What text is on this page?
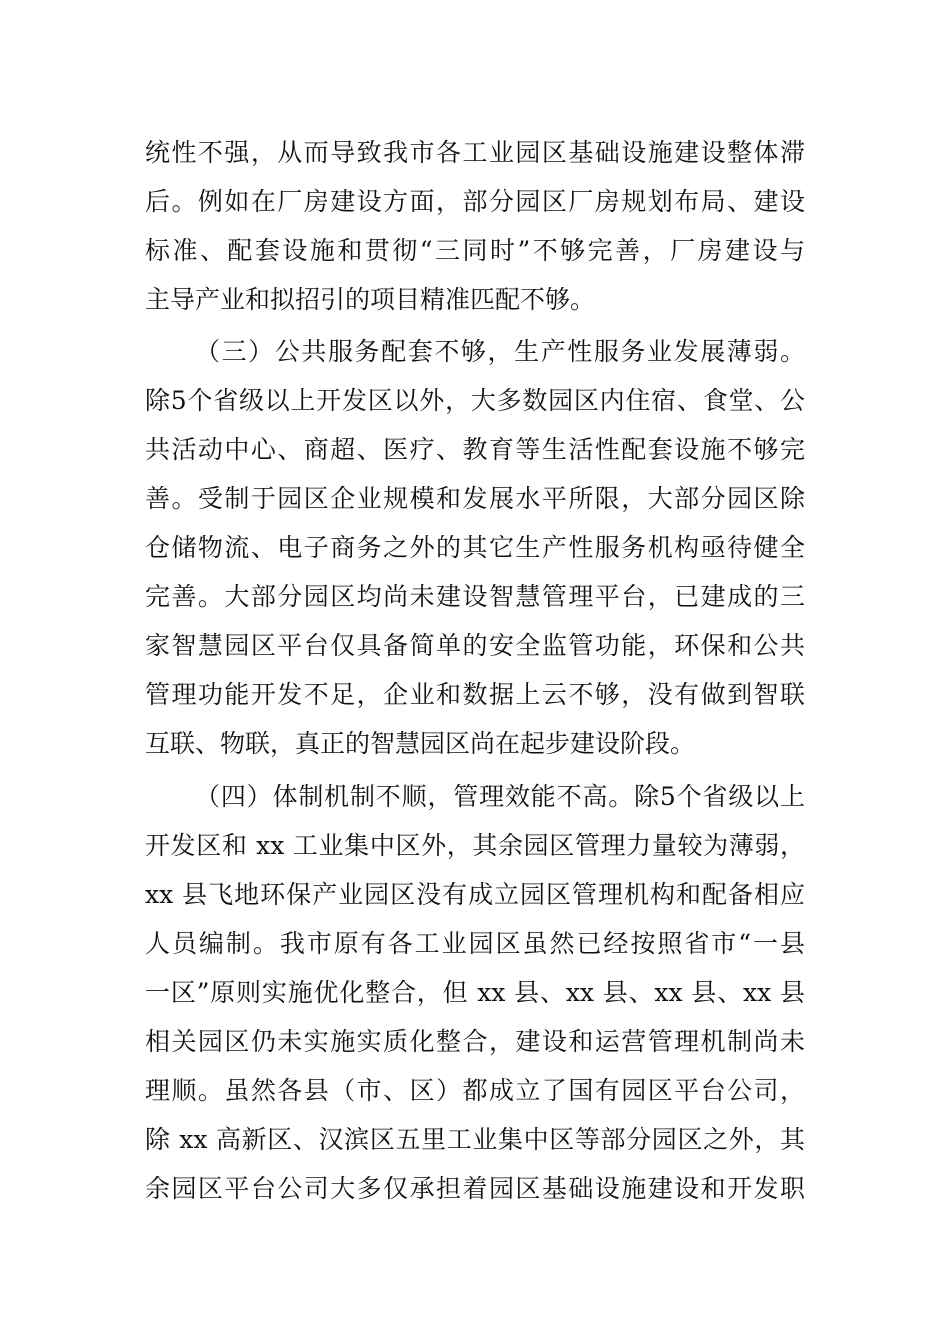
统性不强，从而导致我市各工业园区基础设施建设整体滞
后。例如在厂房建设方面，部分园区厂房规划布局、建设
标准、配套设施和贯彻“三同时”不够完善，厂房建设与
主导产业和拟招引的项目精准匹配不够。
（三）公共服务配套不够，生产性服务业发展薄弱。
除5个省级以上开发区以外，大多数园区内住宿、食堂、公
共活动中心、商超、医疗、教育等生活性配套设施不够完
善。受制于园区企业规模和发展水平所限，大部分园区除
仓储物流、电子商务之外的其它生产性服务机构亟待健全
完善。大部分园区均尚未建设智慧管理平台，已建成的三
家智慧园区平台仅具备简单的安全监管功能，环保和公共
管理功能开发不足，企业和数据上云不够，没有做到智联
互联、物联，真正的智慧园区尚在起步建设阶段。
（四）体制机制不顺，管理效能不高。除5个省级以上
开发区和 xx 工业集中区外，其余园区管理力量较为薄弱，
xx 县飞地环保产业园区没有成立园区管理机构和配备相应
人员编制。我市原有各工业园区虽然已经按照省市“一县
一区”原则实施优化整合，但 xx 县、xx 县、xx 县、xx 县
相关园区仍未实施实质化整合，建设和运营管理机制尚未
理顺。虽然各县（市、区）都成立了国有园区平台公司，
除 xx 高新区、汉滨区五里工业集中区等部分园区之外，其
余园区平台公司大多仅承担着园区基础设施建设和开发职
